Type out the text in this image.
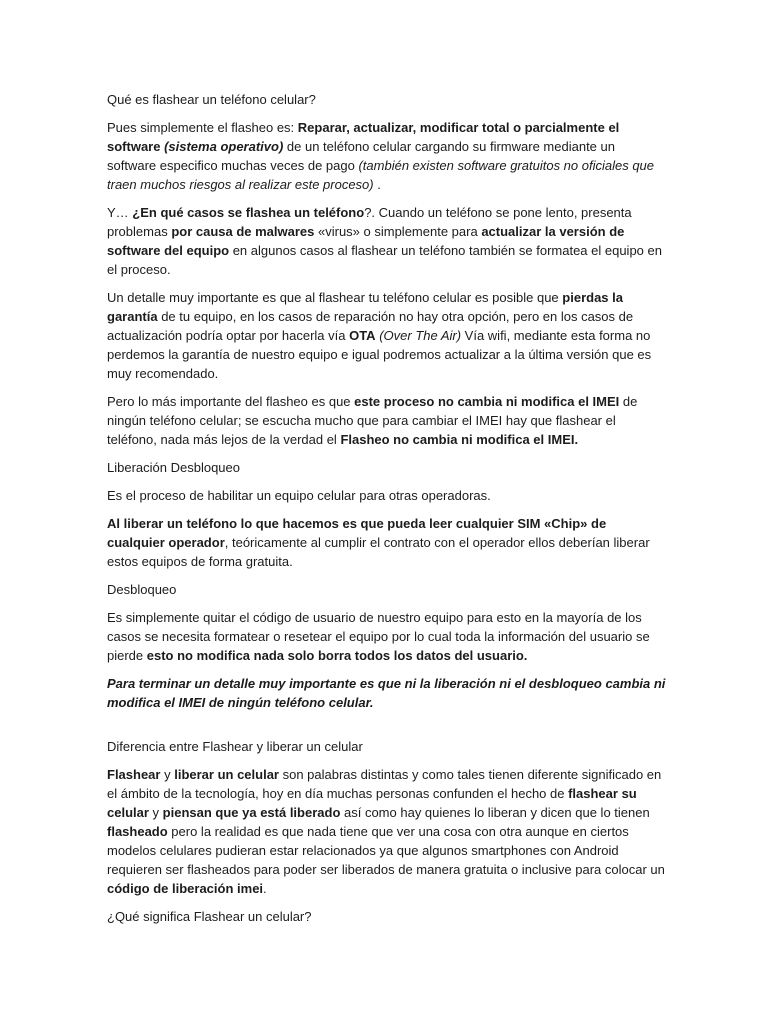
Qué es flashear un teléfono celular?

Pues simplemente el flasheo es: Reparar, actualizar, modificar total o parcialmente el software (sistema operativo) de un teléfono celular cargando su firmware mediante un software especifico muchas veces de pago (también existen software gratuitos no oficiales que traen muchos riesgos al realizar este proceso) .

Y… ¿En qué casos se flashea un teléfono?. Cuando un teléfono se pone lento, presenta problemas por causa de malwares «virus» o simplemente para actualizar la versión de software del equipo en algunos casos al flashear un teléfono también se formatea el equipo en el proceso.

Un detalle muy importante es que al flashear tu teléfono celular es posible que pierdas la garantía de tu equipo, en los casos de reparación no hay otra opción, pero en los casos de actualización podría optar por hacerla vía OTA (Over The Air) Vía wifi, mediante esta forma no perdemos la garantía de nuestro equipo e igual podremos actualizar a la última versión que es muy recomendado.

Pero lo más importante del flasheo es que este proceso no cambia ni modifica el IMEI de ningún teléfono celular; se escucha mucho que para cambiar el IMEI hay que flashear el teléfono, nada más lejos de la verdad el Flasheo no cambia ni modifica el IMEI.

Liberación Desbloqueo

Es el proceso de habilitar un equipo celular para otras operadoras.

Al liberar un teléfono lo que hacemos es que pueda leer cualquier SIM «Chip» de cualquier operador, teóricamente al cumplir el contrato con el operador ellos deberían liberar estos equipos de forma gratuita.

Desbloqueo

Es simplemente quitar el código de usuario de nuestro equipo para esto en la mayoría de los casos se necesita formatear o resetear el equipo por lo cual toda la información del usuario se pierde esto no modifica nada solo borra todos los datos del usuario.

Para terminar un detalle muy importante es que ni la liberación ni el desbloqueo cambia ni modifica el IMEI de ningún teléfono celular.

Diferencia entre Flashear y liberar un celular

Flashear y liberar un celular son palabras distintas y como tales tienen diferente significado en el ámbito de la tecnología, hoy en día muchas personas confunden el hecho de flashear su celular y piensan que ya está liberado así como hay quienes lo liberan y dicen que lo tienen flasheado pero la realidad es que nada tiene que ver una cosa con otra aunque en ciertos modelos celulares pudieran estar relacionados ya que algunos smartphones con Android requieren ser flasheados para poder ser liberados de manera gratuita o inclusive para colocar un código de liberación imei.

¿Qué significa Flashear un celular?
